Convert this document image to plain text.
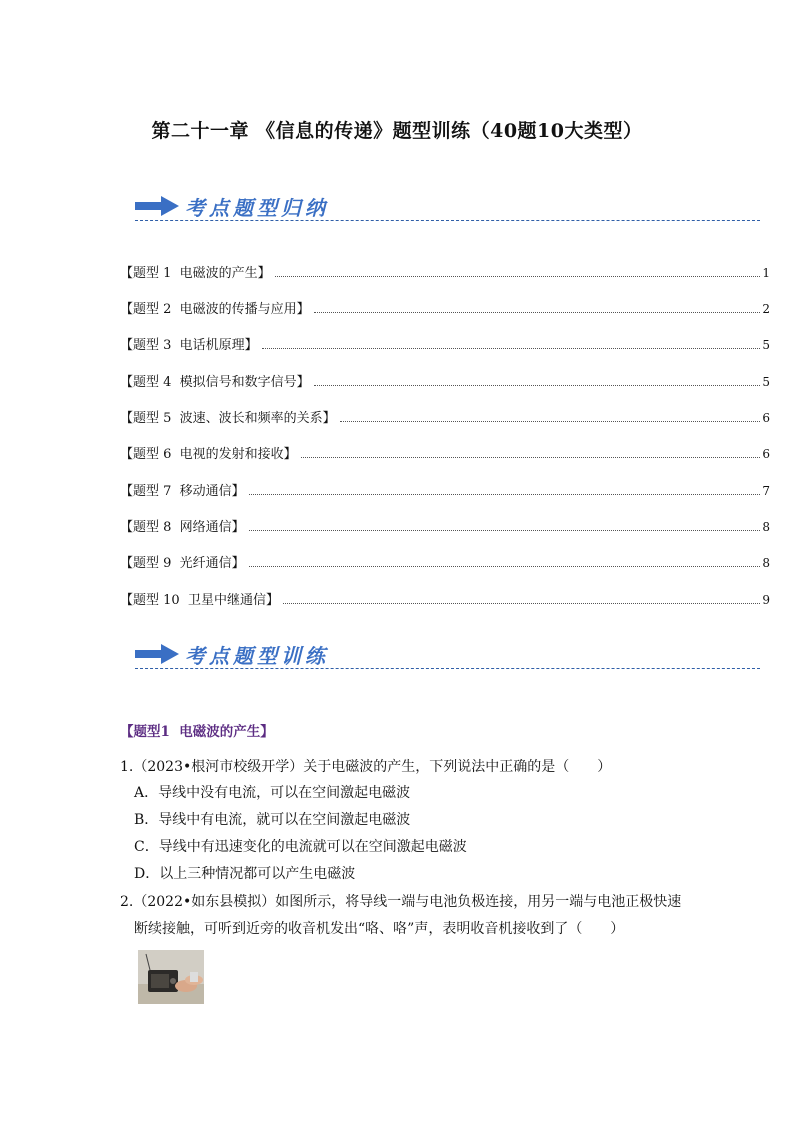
第二十一章 《信息的传递》题型训练（40题10大类型）
考点题型归纳
【题型 1  电磁波的产生】	1
【题型 2  电磁波的传播与应用】	2
【题型 3  电话机原理】	5
【题型 4  模拟信号和数字信号】	5
【题型 5  波速、波长和频率的关系】	6
【题型 6  电视的发射和接收】	6
【题型 7  移动通信】	7
【题型 8  网络通信】	8
【题型 9  光纤通信】	8
【题型 10  卫星中继通信】	9
考点题型训练
【题型1  电磁波的产生】
1.（2023•根河市校级开学）关于电磁波的产生，下列说法中正确的是（　　）
A．导线中没有电流，可以在空间激起电磁波
B．导线中有电流，就可以在空间激起电磁波
C．导线中有迅速变化的电流就可以在空间激起电磁波
D．以上三种情况都可以产生电磁波
2.（2022•如东县模拟）如图所示，将导线一端与电池负极连接，用另一端与电池正极快速
断续接触，可听到近旁的收音机发出“咯、咯”声，表明收音机接收到了（　　）
